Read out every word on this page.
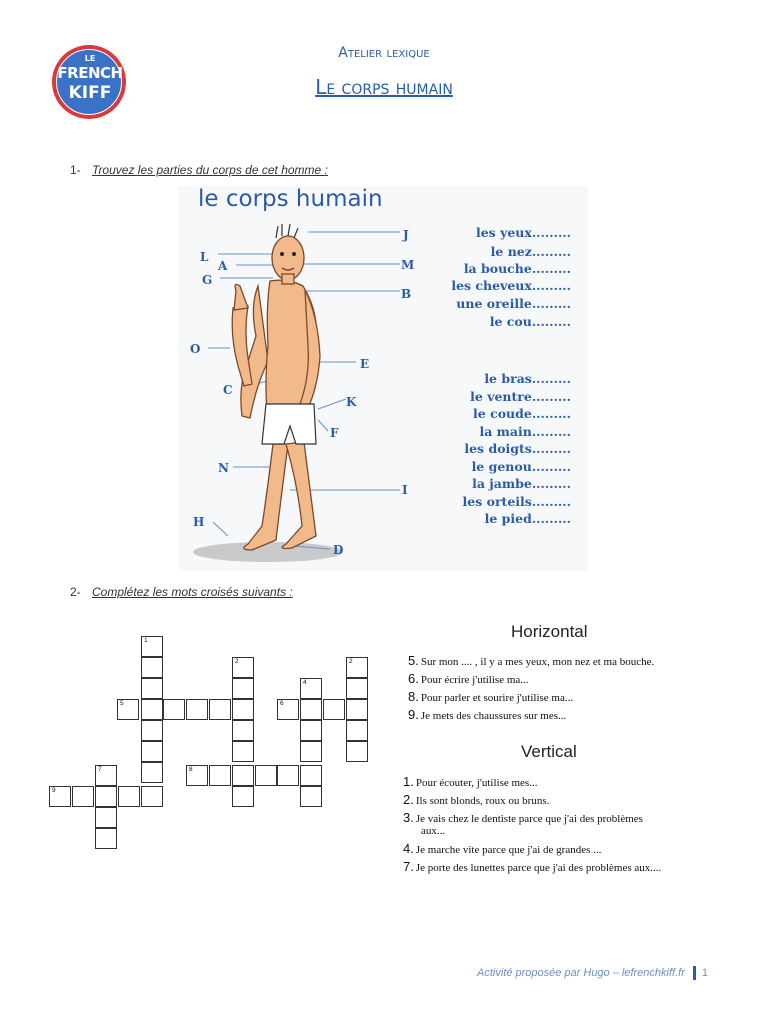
LE
FRENCH
KIFF
Atelier lexique
Le corps humain
1- Trouvez les parties du corps de cet homme :
le corps humain
L
A
G
O
C
N
H
J
M
B
E
K
F
I
D
les yeux.........
le nez.........
la bouche.........
les cheveux.........
une oreille.........
le cou.........
le bras.........
le ventre.........
le coude.........
la main.........
les doigts.........
le genou.........
la jambe.........
les orteils.........
le pied.........
2- Complétez les mots croisés suivants :
1
5
2
6
4
2
8
7
9
Horizontal
5. Sur mon .... , il y a mes yeux, mon nez et ma bouche.
6. Pour écrire j'utilise ma...
8. Pour parler et sourire j'utilise ma...
9. Je mets des chaussures sur mes...
Vertical
1. Pour écouter, j'utilise mes...
2. Ils sont blonds, roux ou bruns.
3. Je vais chez le dentiste parce que j'ai des problèmes
aux...
4. Je marche vite parce que j'ai de grandes ...
7. Je porte des lunettes parce que j'ai des problèmes aux....
Activité proposée par Hugo – lefrenchkiff.fr 1
